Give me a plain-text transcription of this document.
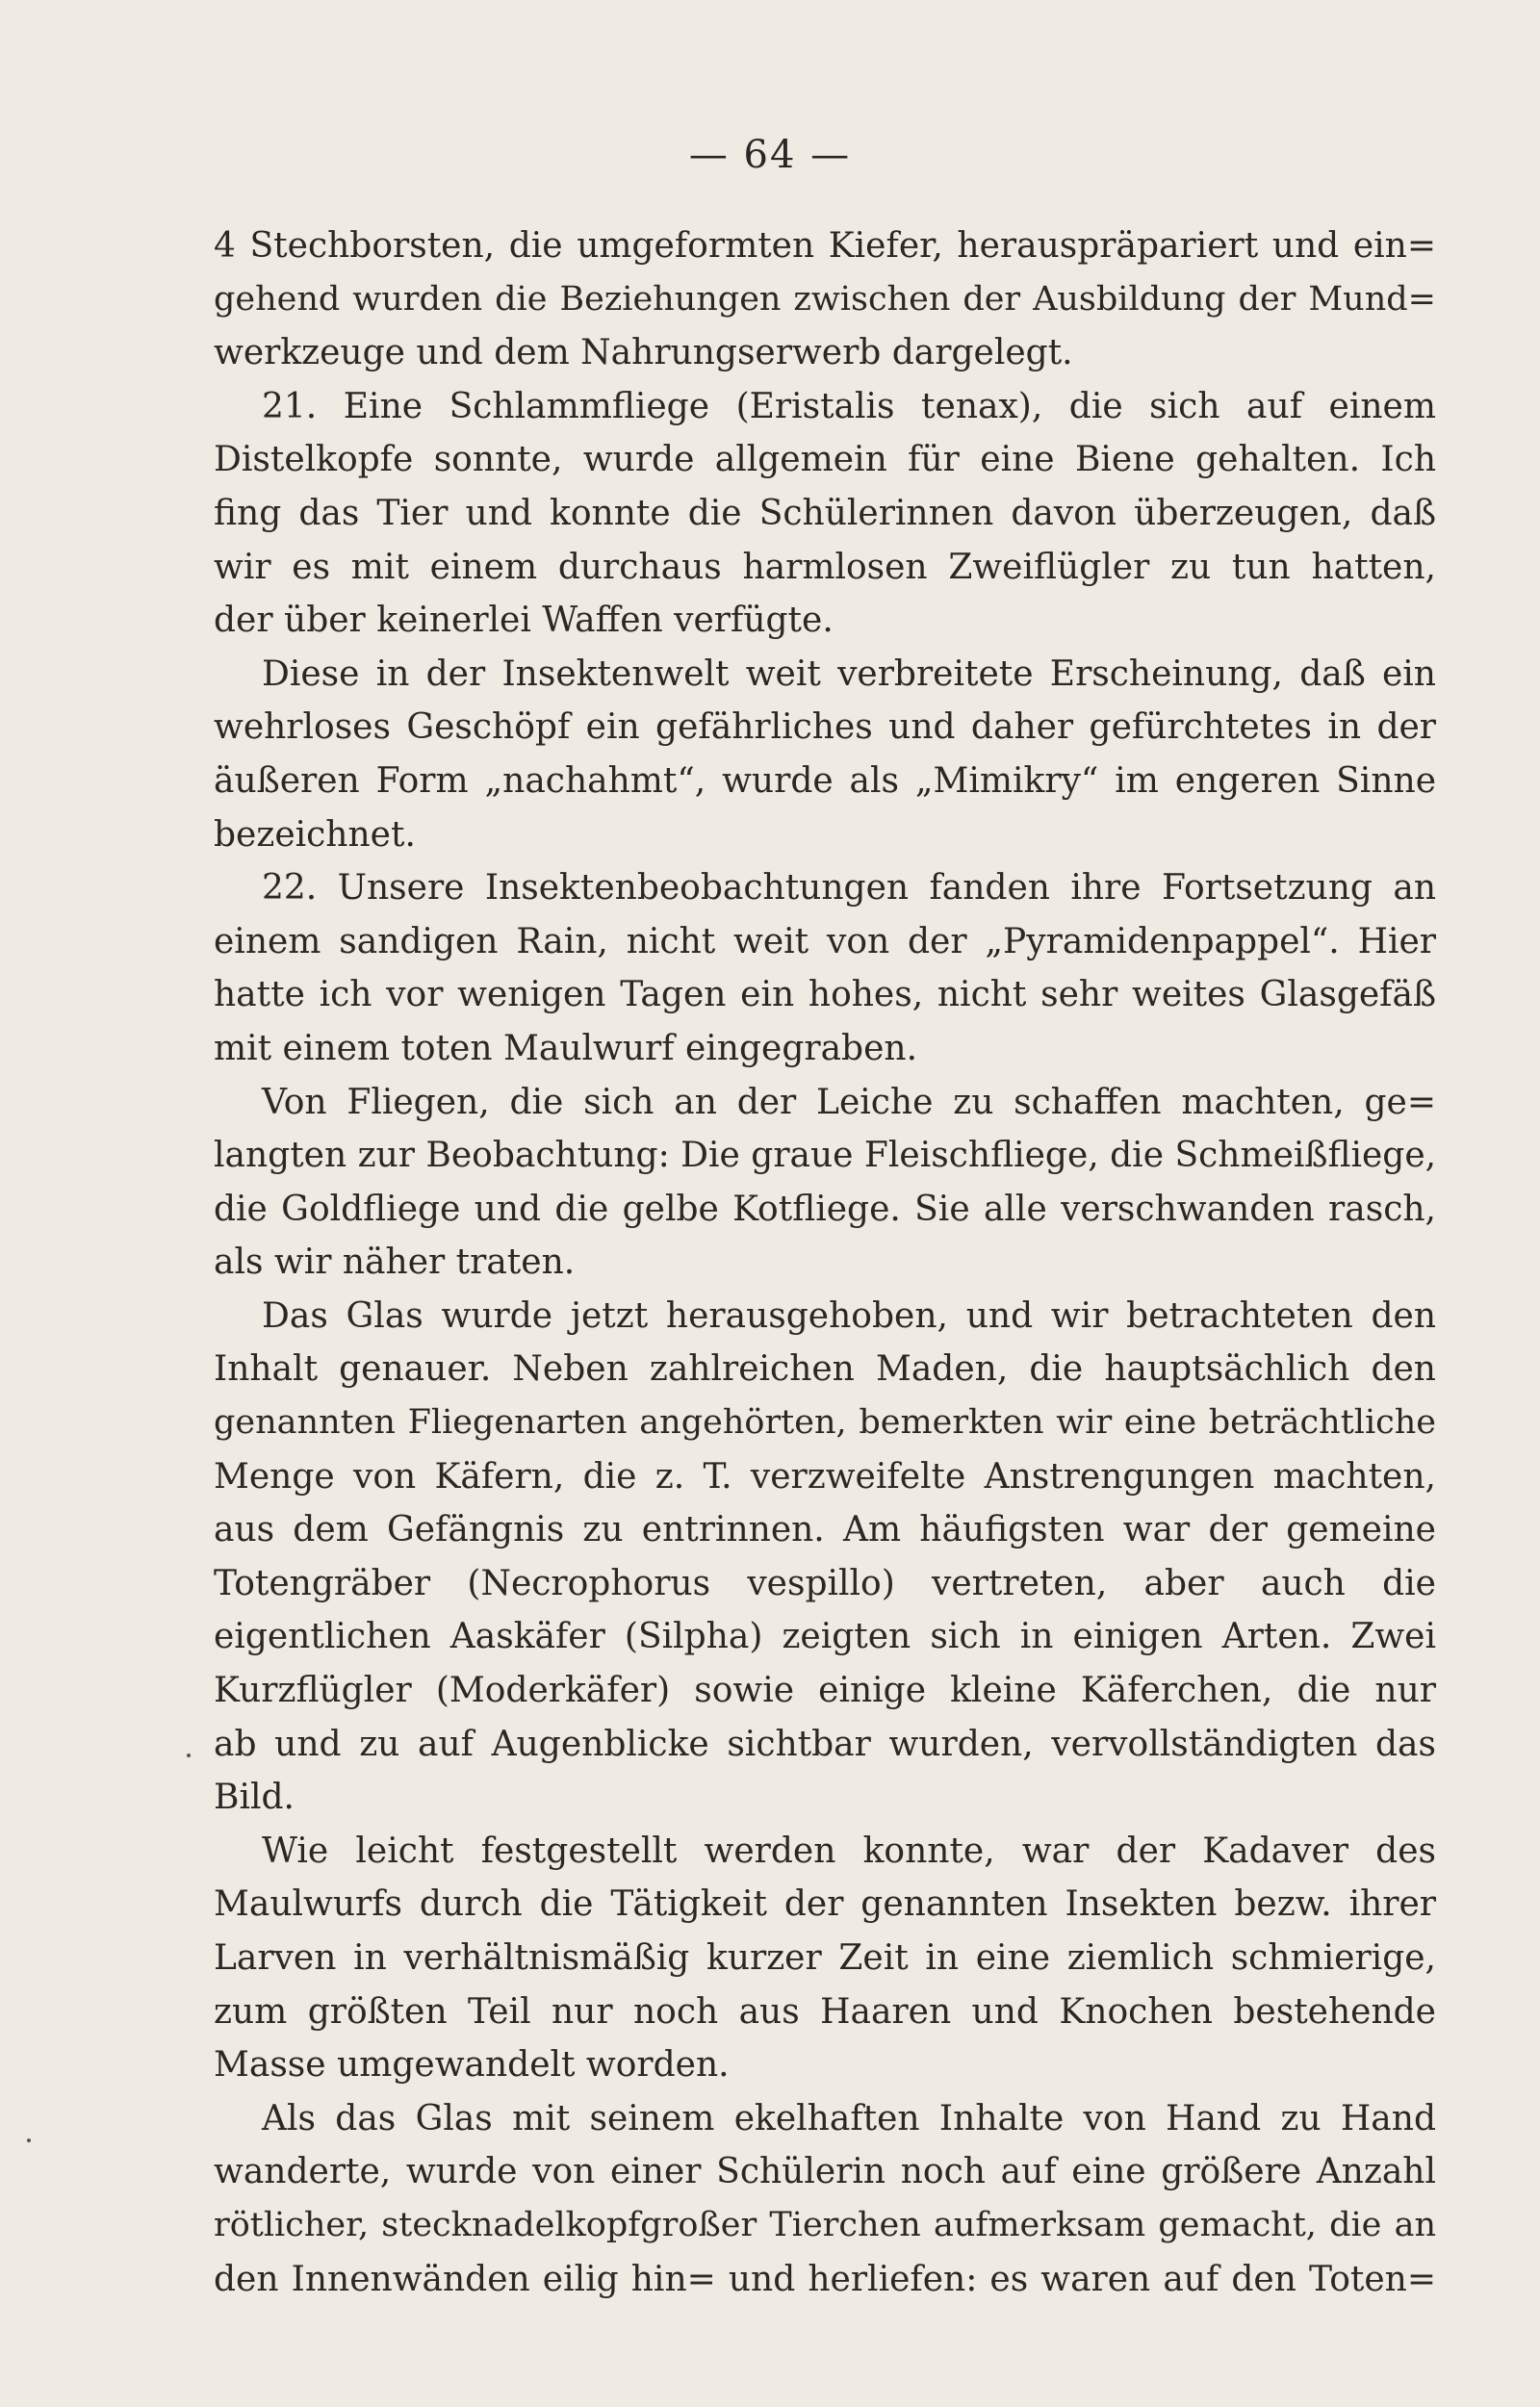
— 64 —
4 Stechborsten, die umgeformten Kiefer, herauspräpariert und ein=
gehend wurden die Beziehungen zwischen der Ausbildung der Mund=
werkzeuge und dem Nahrungserwerb dargelegt.
21. Eine Schlammfliege (Eristalis tenax), die sich auf einem
Distelkopfe sonnte, wurde allgemein für eine Biene gehalten. Ich
fing das Tier und konnte die Schülerinnen davon überzeugen, daß
wir es mit einem durchaus harmlosen Zweiflügler zu tun hatten,
der über keinerlei Waffen verfügte.
Diese in der Insektenwelt weit verbreitete Erscheinung, daß ein
wehrloses Geschöpf ein gefährliches und daher gefürchtetes in der
äußeren Form „nachahmt“, wurde als „Mimikry“ im engeren Sinne
bezeichnet.
22. Unsere Insektenbeobachtungen fanden ihre Fortsetzung an
einem sandigen Rain, nicht weit von der „Pyramidenpappel“. Hier
hatte ich vor wenigen Tagen ein hohes, nicht sehr weites Glasgefäß
mit einem toten Maulwurf eingegraben.
Von Fliegen, die sich an der Leiche zu schaffen machten, ge=
langten zur Beobachtung: Die graue Fleischfliege, die Schmeißfliege,
die Goldfliege und die gelbe Kotfliege. Sie alle verschwanden rasch,
als wir näher traten.
Das Glas wurde jetzt herausgehoben, und wir betrachteten den
Inhalt genauer. Neben zahlreichen Maden, die hauptsächlich den
genannten Fliegenarten angehörten, bemerkten wir eine beträchtliche
Menge von Käfern, die z. T. verzweifelte Anstrengungen machten,
aus dem Gefängnis zu entrinnen. Am häufigsten war der gemeine
Totengräber (Necrophorus vespillo) vertreten, aber auch die
eigentlichen Aaskäfer (Silpha) zeigten sich in einigen Arten. Zwei
Kurzflügler (Moderkäfer) sowie einige kleine Käferchen, die nur
ab und zu auf Augenblicke sichtbar wurden, vervollständigten das
Bild.
Wie leicht festgestellt werden konnte, war der Kadaver des
Maulwurfs durch die Tätigkeit der genannten Insekten bezw. ihrer
Larven in verhältnismäßig kurzer Zeit in eine ziemlich schmierige,
zum größten Teil nur noch aus Haaren und Knochen bestehende
Masse umgewandelt worden.
Als das Glas mit seinem ekelhaften Inhalte von Hand zu Hand
wanderte, wurde von einer Schülerin noch auf eine größere Anzahl
rötlicher, stecknadelkopfgroßer Tierchen aufmerksam gemacht, die an
den Innenwänden eilig hin= und herliefen: es waren auf den Toten=
